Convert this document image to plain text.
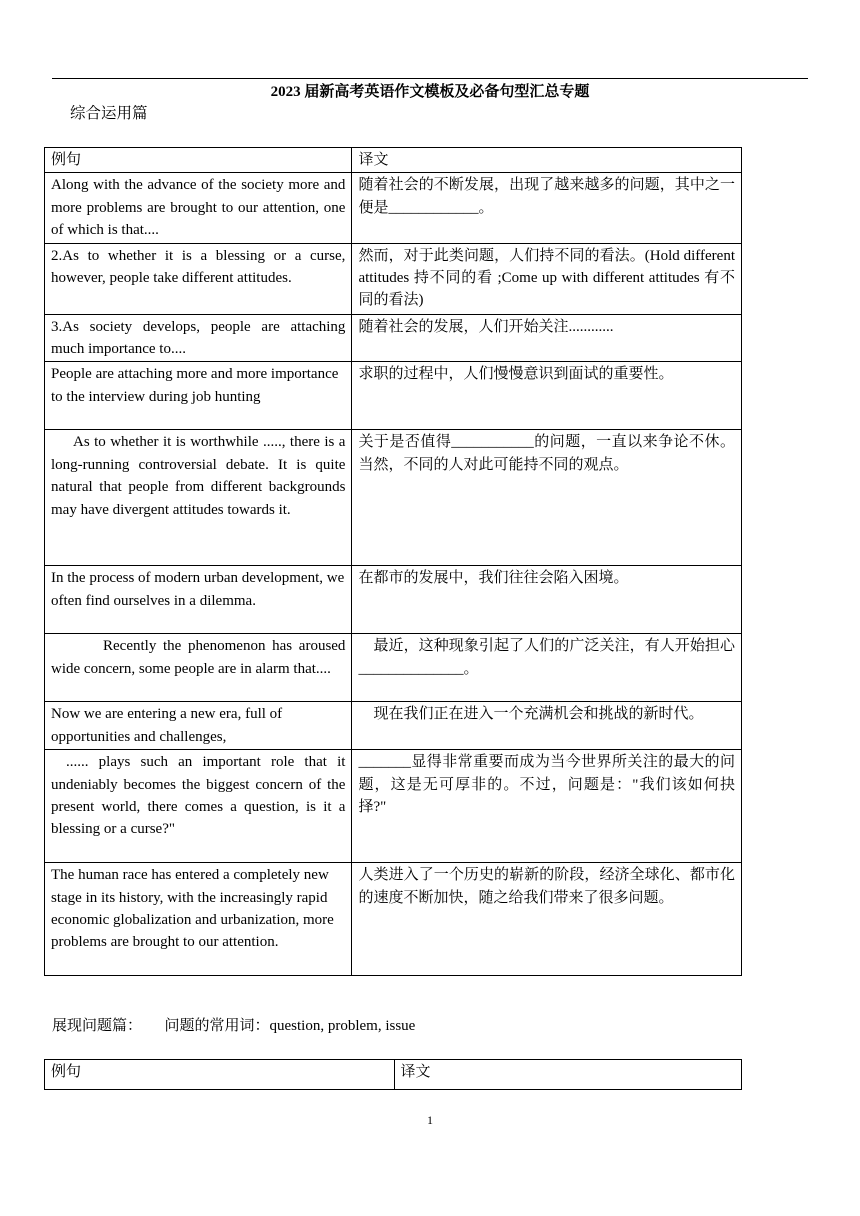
2023 届新高考英语作文模板及必备句型汇总专题
综合运用篇
例句	译文
Along with the advance of the society more and more problems are brought to our attention, one of which is that....	随着社会的不断发展，出现了越来越多的问题，其中之一便是____________。
2.As to whether it is a blessing or a curse, however, people take different attitudes.	然而，对于此类问题，人们持不同的看法。(Hold different attitudes 持不同的看 ;Come up with different attitudes 有不同的看法)
3.As society develops, people are attaching much importance to....	随着社会的发展，人们开始关注............
People are attaching more and more importance to the interview during job hunting	求职的过程中，人们慢慢意识到面试的重要性。
As to whether it is worthwhile ....., there is a long-running controversial debate. It is quite natural that people from different backgrounds may have divergent attitudes towards it.	关于是否值得___________的问题，一直以来争论不休。当然，不同的人对此可能持不同的观点。
In the process of modern urban development, we often find ourselves in a dilemma.	在都市的发展中，我们往往会陷入困境。
Recently the phenomenon has aroused wide concern, some people are in alarm that....	最近，这种现象引起了人们的广泛关注，有人开始担心______________。
Now we are entering a new era, full of opportunities and challenges,	现在我们正在进入一个充满机会和挑战的新时代。
...... plays such an important role that it undeniably becomes the biggest concern of the present world, there comes a question, is it a blessing or a curse?"	_______显得非常重要而成为当今世界所关注的最大的问题，这是无可厚非的。不过，问题是："我们该如何抉择?"
The human race has entered a completely new stage in its history, with the increasingly rapid economic globalization and urbanization, more problems are brought to our attention.	人类进入了一个历史的崭新的阶段，经济全球化、都市化的速度不断加快，随之给我们带来了很多问题。
展现问题篇： 问题的常用词：question, problem, issue
例句	译文
1
